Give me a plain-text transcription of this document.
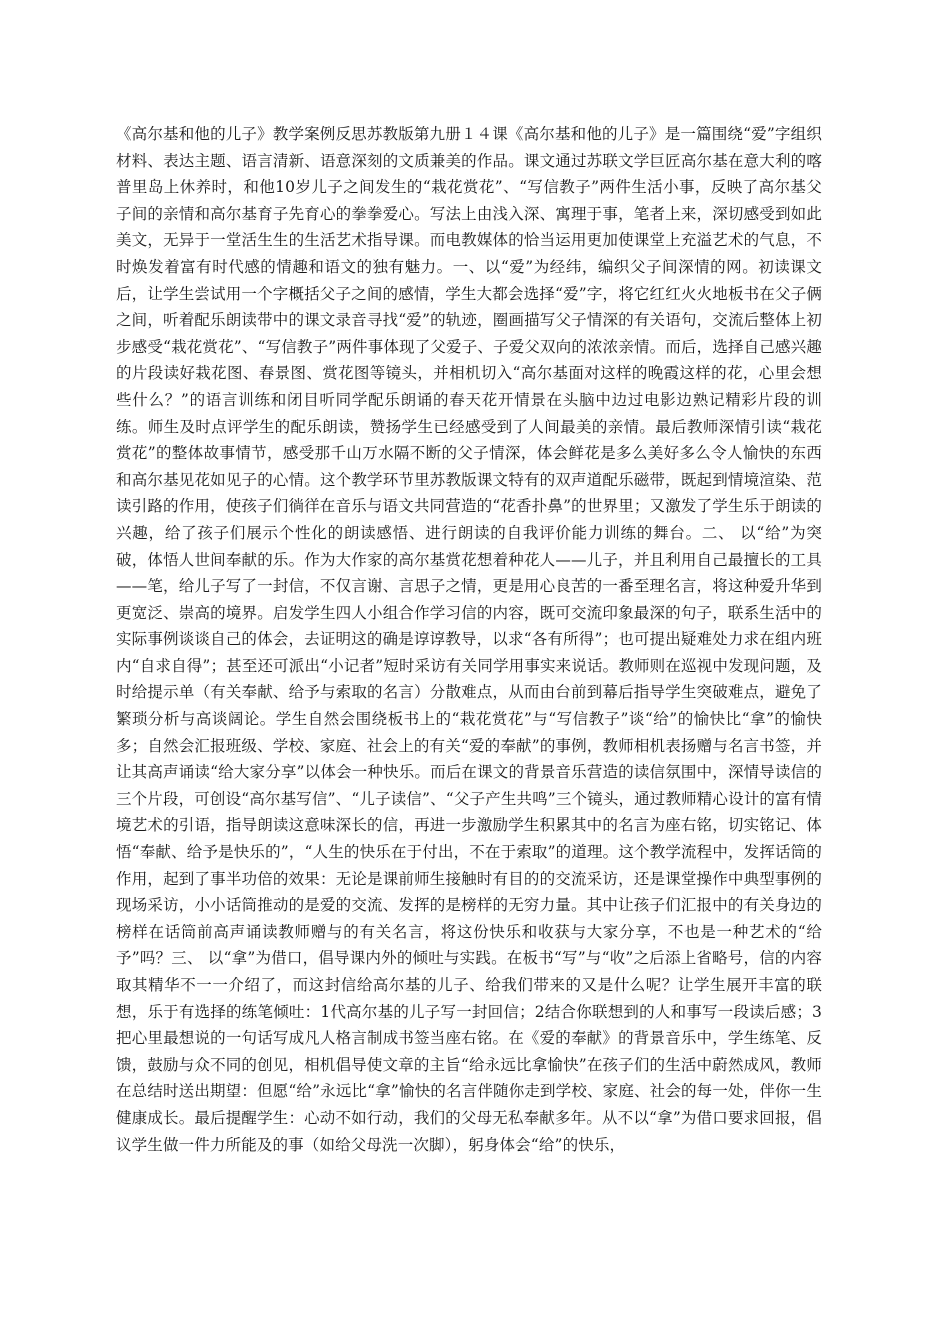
《高尔基和他的儿子》教学案例反思苏教版第九册１４课《高尔基和他的儿子》是一篇围绕“爱”字组织材料、表达主题、语言清新、语意深刻的文质兼美的作品。课文通过苏联文学巨匠高尔基在意大利的喀普里岛上休养时，和他10岁儿子之间发生的“栽花赏花”、“写信教子”两件生活小事，反映了高尔基父子间的亲情和高尔基育子先育心的拳拳爱心。写法上由浅入深、寓理于事，笔者上来，深切感受到如此美文，无异于一堂活生生的生活艺术指导课。而电教媒体的恰当运用更加使课堂上充溢艺术的气息，不时焕发着富有时代感的情趣和语文的独有魅力。一、以“爱”为经纬，编织父子间深情的网。初读课文后，让学生尝试用一个字概括父子之间的感情，学生大都会选择“爱”字，将它红红火火地板书在父子俩之间，听着配乐朗读带中的课文录音寻找“爱”的轨迹，圈画描写父子情深的有关语句，交流后整体上初步感受“栽花赏花”、“写信教子”两件事体现了父爱子、子爱父双向的浓浓亲情。而后，选择自己感兴趣的片段读好栽花图、春景图、赏花图等镜头，并相机切入“高尔基面对这样的晚霞这样的花，心里会想些什么？”的语言训练和闭目听同学配乐朗诵的春天花开情景在头脑中边过电影边熟记精彩片段的训练。师生及时点评学生的配乐朗读，赞扬学生已经感受到了人间最美的亲情。最后教师深情引读“栽花赏花”的整体故事情节，感受那千山万水隔不断的父子情深，体会鲜花是多么美好多么令人愉快的东西和高尔基见花如见子的心情。这个教学环节里苏教版课文特有的双声道配乐磁带，既起到情境渲染、范读引路的作用，使孩子们徜徉在音乐与语文共同营造的“花香扑鼻”的世界里；又激发了学生乐于朗读的兴趣，给了孩子们展示个性化的朗读感悟、进行朗读的自我评价能力训练的舞台。二、 以“给”为突破，体悟人世间奉献的乐。作为大作家的高尔基赏花想着种花人——儿子，并且利用自己最擅长的工具——笔，给儿子写了一封信，不仅言谢、言思子之情，更是用心良苦的一番至理名言，将这种爱升华到更宽泛、崇高的境界。启发学生四人小组合作学习信的内容，既可交流印象最深的句子，联系生活中的实际事例谈谈自己的体会，去证明这的确是谆谆教导，以求“各有所得”；也可提出疑难处力求在组内班内“自求自得”；甚至还可派出“小记者”短时采访有关同学用事实来说话。教师则在巡视中发现问题，及时给提示单（有关奉献、给予与索取的名言）分散难点，从而由台前到幕后指导学生突破难点，避免了繁琐分析与高谈阔论。学生自然会围绕板书上的“栽花赏花”与“写信教子”谈“给”的愉快比“拿”的愉快多；自然会汇报班级、学校、家庭、社会上的有关“爱的奉献”的事例，教师相机表扬赠与名言书签，并让其高声诵读“给大家分享”以体会一种快乐。而后在课文的背景音乐营造的读信氛围中，深情导读信的三个片段，可创设“高尔基写信”、“儿子读信”、“父子产生共鸣”三个镜头，通过教师精心设计的富有情境艺术的引语，指导朗读这意味深长的信，再进一步激励学生积累其中的名言为座右铭，切实铭记、体悟“奉献、给予是快乐的”，“人生的快乐在于付出，不在于索取”的道理。这个教学流程中，发挥话筒的作用，起到了事半功倍的效果：无论是课前师生接触时有目的的交流采访，还是课堂操作中典型事例的现场采访，小小话筒推动的是爱的交流、发挥的是榜样的无穷力量。其中让孩子们汇报中的有关身边的榜样在话筒前高声诵读教师赠与的有关名言，将这份快乐和收获与大家分享，不也是一种艺术的“给予”吗？三、 以“拿”为借口，倡导课内外的倾吐与实践。在板书“写”与“收”之后添上省略号，信的内容取其精华不一一介绍了，而这封信给高尔基的儿子、给我们带来的又是什么呢？让学生展开丰富的联想，乐于有选择的练笔倾吐：1代高尔基的儿子写一封回信；2结合你联想到的人和事写一段读后感；3把心里最想说的一句话写成凡人格言制成书签当座右铭。在《爱的奉献》的背景音乐中，学生练笔、反馈，鼓励与众不同的创见，相机倡导使文章的主旨“给永远比拿愉快”在孩子们的生活中蔚然成风，教师在总结时送出期望：但愿“给”永远比“拿”愉快的名言伴随你走到学校、家庭、社会的每一处，伴你一生健康成长。最后提醒学生：心动不如行动，我们的父母无私奉献多年。从不以“拿”为借口要求回报，倡议学生做一件力所能及的事（如给父母洗一次脚），躬身体会“给”的快乐，
